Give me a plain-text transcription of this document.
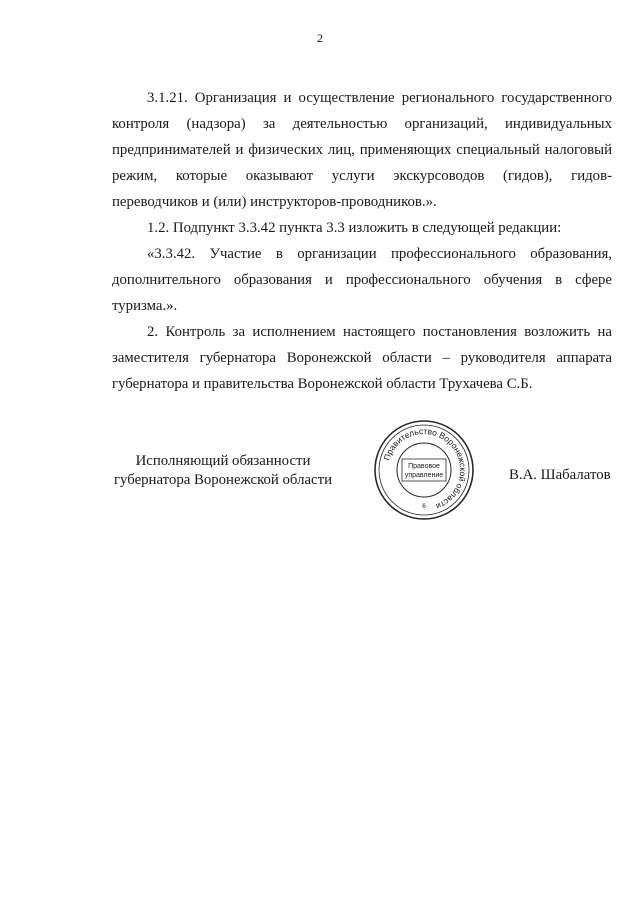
2
3.1.21. Организация и осуществление регионального государственного
контроля (надзора) за деятельностью организаций, индивидуальных
предпринимателей и физических лиц, применяющих специальный налоговый
режим, которые оказывают услуги экскурсоводов (гидов), гидов-
переводчиков и (или) инструкторов-проводников.».
1.2. Подпункт 3.3.42 пункта 3.3 изложить в следующей редакции:
«3.3.42. Участие в организации профессионального образования,
дополнительного образования и профессионального обучения в сфере
туризма.».
2. Контроль за исполнением настоящего постановления возложить на
заместителя губернатора Воронежской области – руководителя аппарата
губернатора и правительства Воронежской области Трухачева С.Б.
Исполняющий обязанности
губернатора Воронежской области
Правительство Воронежской области
Правовое
управление
6
В.А. Шабалатов
